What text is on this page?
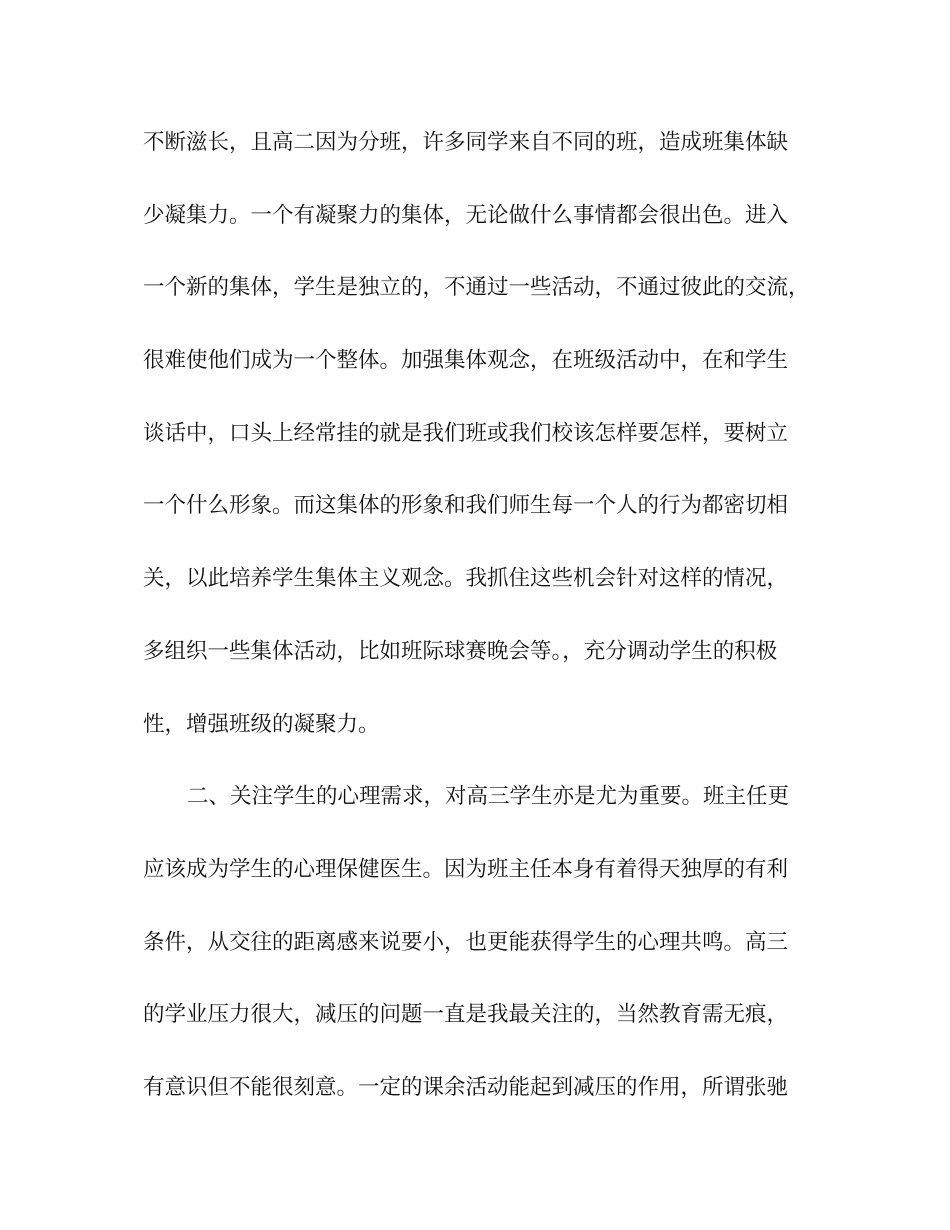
不断滋长，且高二因为分班，许多同学来自不同的班，造成班集体缺
少凝集力。一个有凝聚力的集体，无论做什么事情都会很出色。进入
一个新的集体，学生是独立的，不通过一些活动，不通过彼此的交流，
很难使他们成为一个整体。加强集体观念，在班级活动中，在和学生
谈话中，口头上经常挂的就是我们班或我们校该怎样要怎样，要树立
一个什么形象。而这集体的形象和我们师生每一个人的行为都密切相
关，以此培养学生集体主义观念。我抓住这些机会针对这样的情况，
多组织一些集体活动，比如班际球赛晚会等。，充分调动学生的积极
性，增强班级的凝聚力。
二、关注学生的心理需求，对高三学生亦是尤为重要。班主任更
应该成为学生的心理保健医生。因为班主任本身有着得天独厚的有利
条件，从交往的距离感来说要小，也更能获得学生的心理共鸣。高三
的学业压力很大，减压的问题一直是我最关注的，当然教育需无痕，
有意识但不能很刻意。一定的课余活动能起到减压的作用，所谓张驰
